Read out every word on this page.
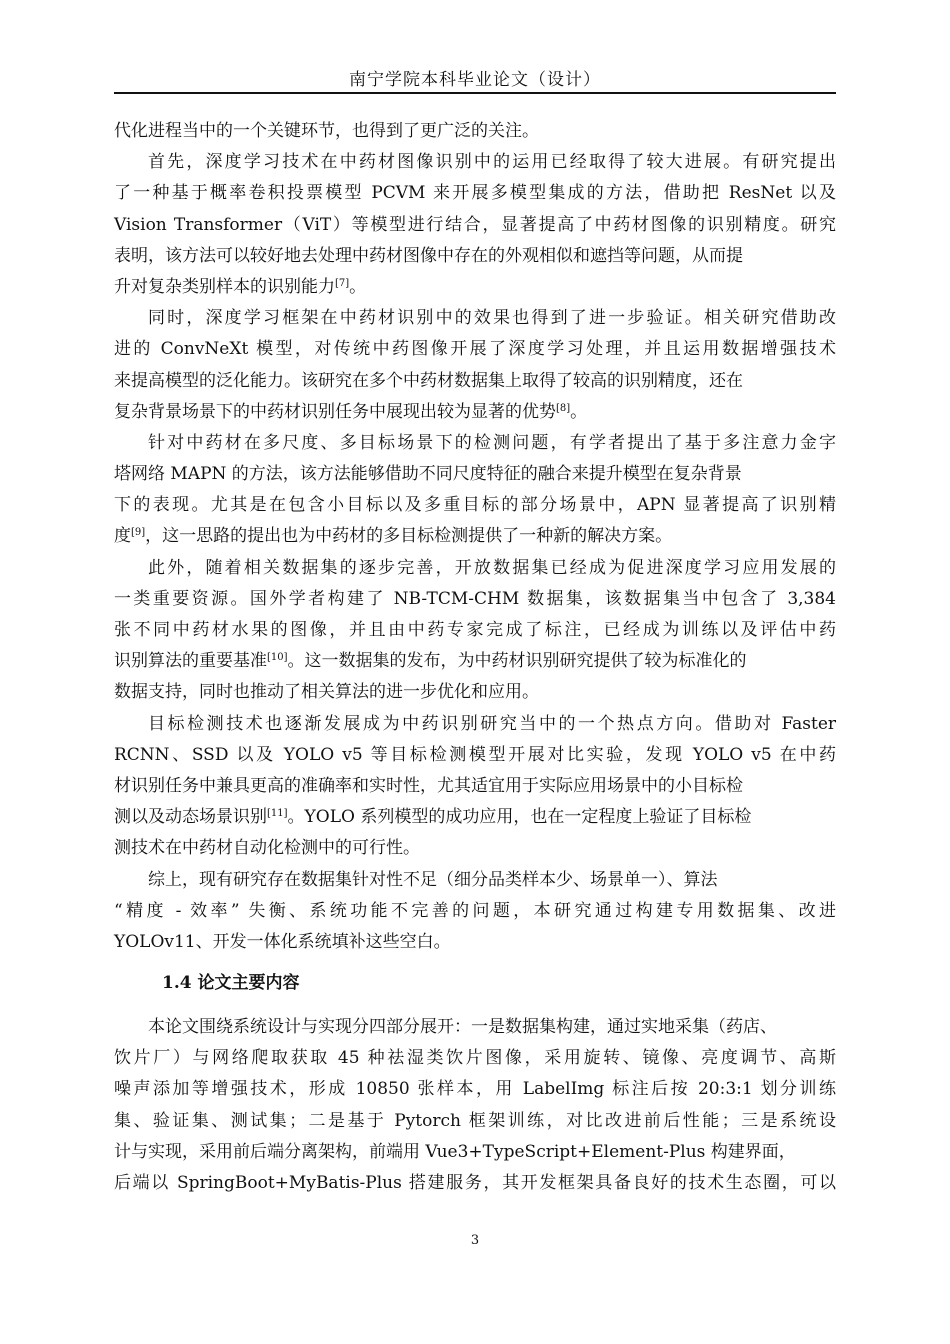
南宁学院本科毕业论文（设计）
代化进程当中的一个关键环节，也得到了更广泛的关注。
首先，深度学习技术在中药材图像识别中的运用已经取得了较大进展。有研究提出
了一种基于概率卷积投票模型 PCVM 来开展多模型集成的方法，借助把 ResNet 以及
Vision Transformer（ViT）等模型进行结合，显著提高了中药材图像的识别精度。研究
表明，该方法可以较好地去处理中药材图像中存在的外观相似和遮挡等问题，从而提
升对复杂类别样本的识别能力[7]。
同时，深度学习框架在中药材识别中的效果也得到了进一步验证。相关研究借助改
进的 ConvNeXt 模型，对传统中药图像开展了深度学习处理，并且运用数据增强技术
来提高模型的泛化能力。该研究在多个中药材数据集上取得了较高的识别精度，还在
复杂背景场景下的中药材识别任务中展现出较为显著的优势[8]。
针对中药材在多尺度、多目标场景下的检测问题，有学者提出了基于多注意力金字
塔网络 MAPN 的方法，该方法能够借助不同尺度特征的融合来提升模型在复杂背景
下的表现。尤其是在包含小目标以及多重目标的部分场景中，APN 显著提高了识别精
度[9]，这一思路的提出也为中药材的多目标检测提供了一种新的解决方案。
此外，随着相关数据集的逐步完善，开放数据集已经成为促进深度学习应用发展的
一类重要资源。国外学者构建了 NB-TCM-CHM 数据集，该数据集当中包含了 3,384
张不同中药材水果的图像，并且由中药专家完成了标注，已经成为训练以及评估中药
识别算法的重要基准[10]。这一数据集的发布，为中药材识别研究提供了较为标准化的
数据支持，同时也推动了相关算法的进一步优化和应用。
目标检测技术也逐渐发展成为中药识别研究当中的一个热点方向。借助对 Faster
RCNN、SSD 以及 YOLO v5 等目标检测模型开展对比实验，发现 YOLO v5 在中药
材识别任务中兼具更高的准确率和实时性，尤其适宜用于实际应用场景中的小目标检
测以及动态场景识别[11]。YOLO 系列模型的成功应用，也在一定程度上验证了目标检
测技术在中药材自动化检测中的可行性。
综上，现有研究存在数据集针对性不足（细分品类样本少、场景单一）、算法
“精度 - 效率” 失衡、系统功能不完善的问题，本研究通过构建专用数据集、改进
YOLOv11、开发一体化系统填补这些空白。
1.4 论文主要内容
本论文围绕系统设计与实现分四部分展开：一是数据集构建，通过实地采集（药店、
饮片厂）与网络爬取获取 45 种祛湿类饮片图像，采用旋转、镜像、亮度调节、高斯
噪声添加等增强技术，形成 10850 张样本，用 LabelImg 标注后按 20:3:1 划分训练
集、验证集、测试集；二是基于 Pytorch 框架训练，对比改进前后性能；三是系统设
计与实现，采用前后端分离架构，前端用 Vue3+TypeScript+Element-Plus 构建界面，
后端以 SpringBoot+MyBatis-Plus 搭建服务，其开发框架具备良好的技术生态圈，可以
3
